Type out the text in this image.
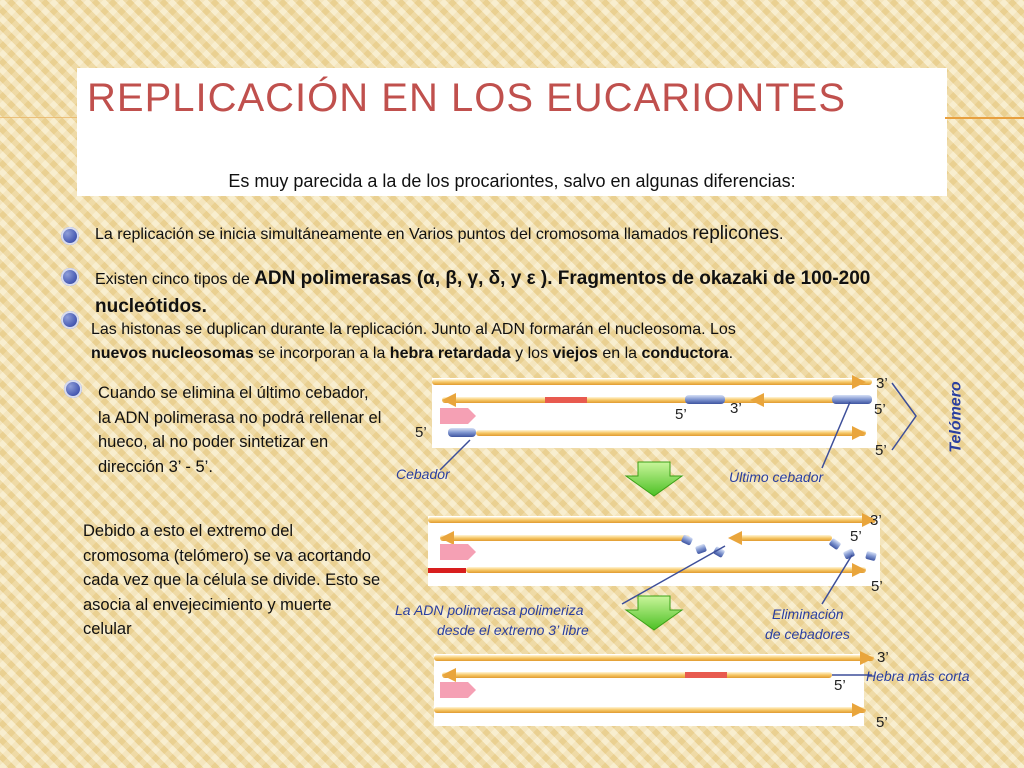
REPLICACIÓN EN LOS EUCARIONTES
Es muy parecida a la de los procariontes, salvo en algunas diferencias:
La replicación se inicia simultáneamente en Varios puntos del cromosoma llamados replicones.
Existen cinco tipos de ADN polimerasas (α, β, γ, δ, y ε ). Fragmentos de okazaki de 100-200 nucleótidos.
Las histonas se duplican durante la replicación. Junto al ADN formarán el nucleosoma. Los
nuevos nucleosomas se incorporan a la hebra retardada y los viejos en la conductora.
Cuando se elimina el último cebador, la ADN polimerasa no podrá rellenar el hueco, al no poder sintetizar en dirección 3’ - 5’.
Debido a esto el extremo del cromosoma (telómero) se va acortando cada vez que la célula se divide. Esto se asocia al envejecimiento y muerte celular
Telómero
Cebador	Último cebador
La ADN polimerasa polimeriza
desde el extremo 3’ libre
Eliminación
de cebadores
Hebra más corta
3’
5’
5’
5’	3’
5’
3’
5’
5’
3’
5’
5’
